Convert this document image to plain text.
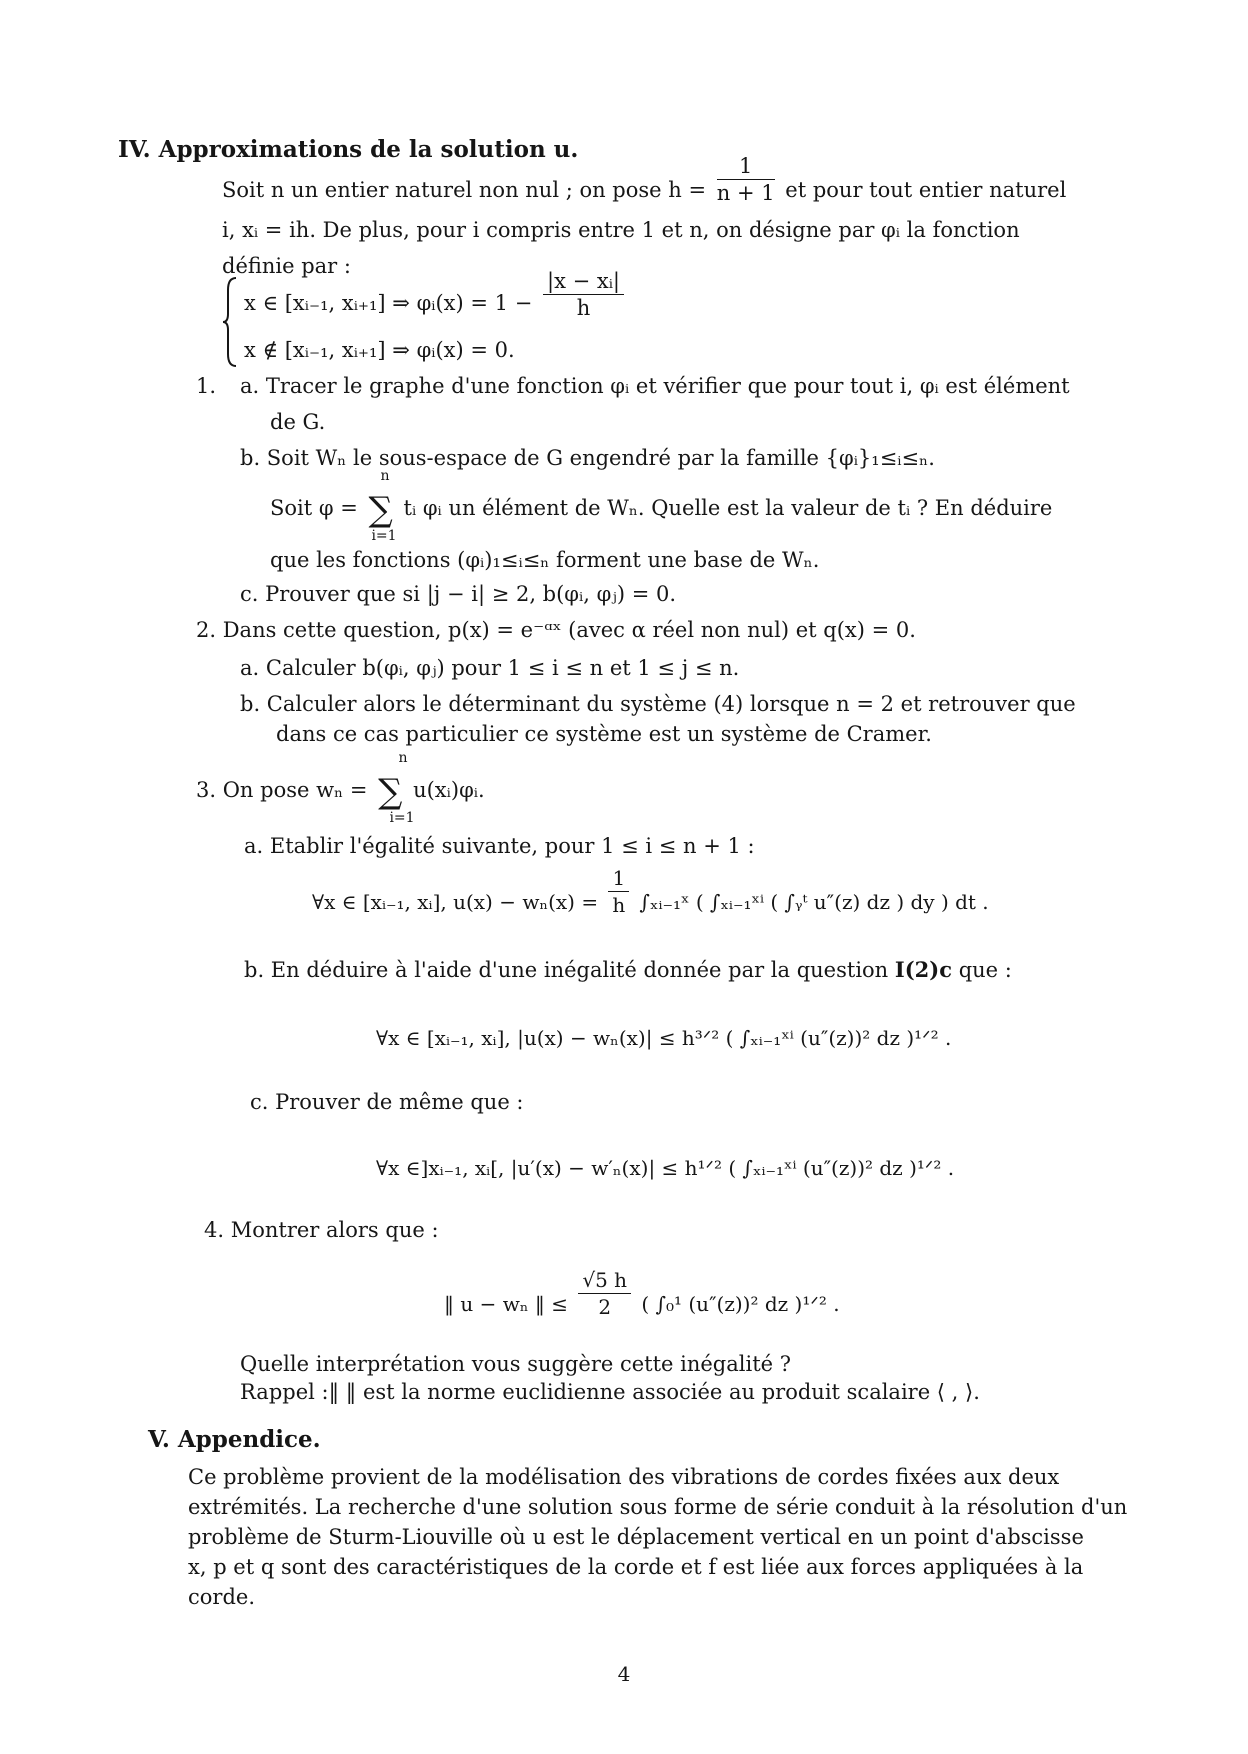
IV. Approximations de la solution u.
Soit n un entier naturel non nul ; on pose $h = \frac{1}{n + 1}$ et pour tout entier naturel
i, xᵢ = ih. De plus, pour i compris entre 1 et n, on désigne par φᵢ la fonction
définie par :
x ∈ [xᵢ₋₁, xᵢ₊₁] ⇒ φᵢ(x) = $1 - \frac{\text{|x − xᵢ|}}{h}$
x ∉ [xᵢ₋₁, xᵢ₊₁] ⇒ φᵢ(x) = 0.
1. a. Tracer le graphe d'une fonction φᵢ et vérifier que pour tout i, φᵢ est élément
de G.
b. Soit Wₙ le sous-espace de G engendré par la famille {φᵢ}₁≤ᵢ≤ₙ.
Soit φ =
n
∑
i=1
tᵢ φᵢ un élément de Wₙ. Quelle est la valeur de tᵢ ? En déduire
que les fonctions (φᵢ)₁≤ᵢ≤ₙ forment une base de Wₙ.
c. Prouver que si |j − i| ≥ 2, b(φᵢ, φⱼ) = 0.
2. Dans cette question, p(x) = e⁻ᵅˣ (avec α réel non nul) et q(x) = 0.
a. Calculer b(φᵢ, φⱼ) pour 1 ≤ i ≤ n et 1 ≤ j ≤ n.
b. Calculer alors le déterminant du système (4) lorsque n = 2 et retrouver que
dans ce cas particulier ce système est un système de Cramer.
3. On pose wₙ =
n
∑
i=1
u(xᵢ)φᵢ.
a. Etablir l'égalité suivante, pour 1 ≤ i ≤ n + 1 :
∀x ∈ [xᵢ₋₁, xᵢ], $u(x) - w_n(x) = \frac{1}{h}$ ∫ₓᵢ₋₁ˣ ( ∫ₓᵢ₋₁ˣⁱ ( ∫ᵧᵗ u″(z) dz ) dy ) dt .
b. En déduire à l'aide d'une inégalité donnée par la question I(2)c que :
∀x ∈ [xᵢ₋₁, xᵢ], |u(x) − wₙ(x)| ≤ h³ᐟ² ( ∫ₓᵢ₋₁ˣⁱ (u″(z))² dz )¹ᐟ² .
c. Prouver de même que :
∀x ∈]xᵢ₋₁, xᵢ[, |u′(x) − w′ₙ(x)| ≤ h¹ᐟ² ( ∫ₓᵢ₋₁ˣⁱ (u″(z))² dz )¹ᐟ² .
4. Montrer alors que :
‖ u − wₙ ‖ ≤ $\frac{√5 h}{2}$ ( ∫₀¹ (u″(z))² dz )¹ᐟ² .
Quelle interprétation vous suggère cette inégalité ?
Rappel :‖ ‖ est la norme euclidienne associée au produit scalaire ⟨ , ⟩.
V. Appendice.
Ce problème provient de la modélisation des vibrations de cordes fixées aux deux
extrémités. La recherche d'une solution sous forme de série conduit à la résolution d'un
problème de Sturm-Liouville où u est le déplacement vertical en un point d'abscisse
x, p et q sont des caractéristiques de la corde et f est liée aux forces appliquées à la
corde.
4
